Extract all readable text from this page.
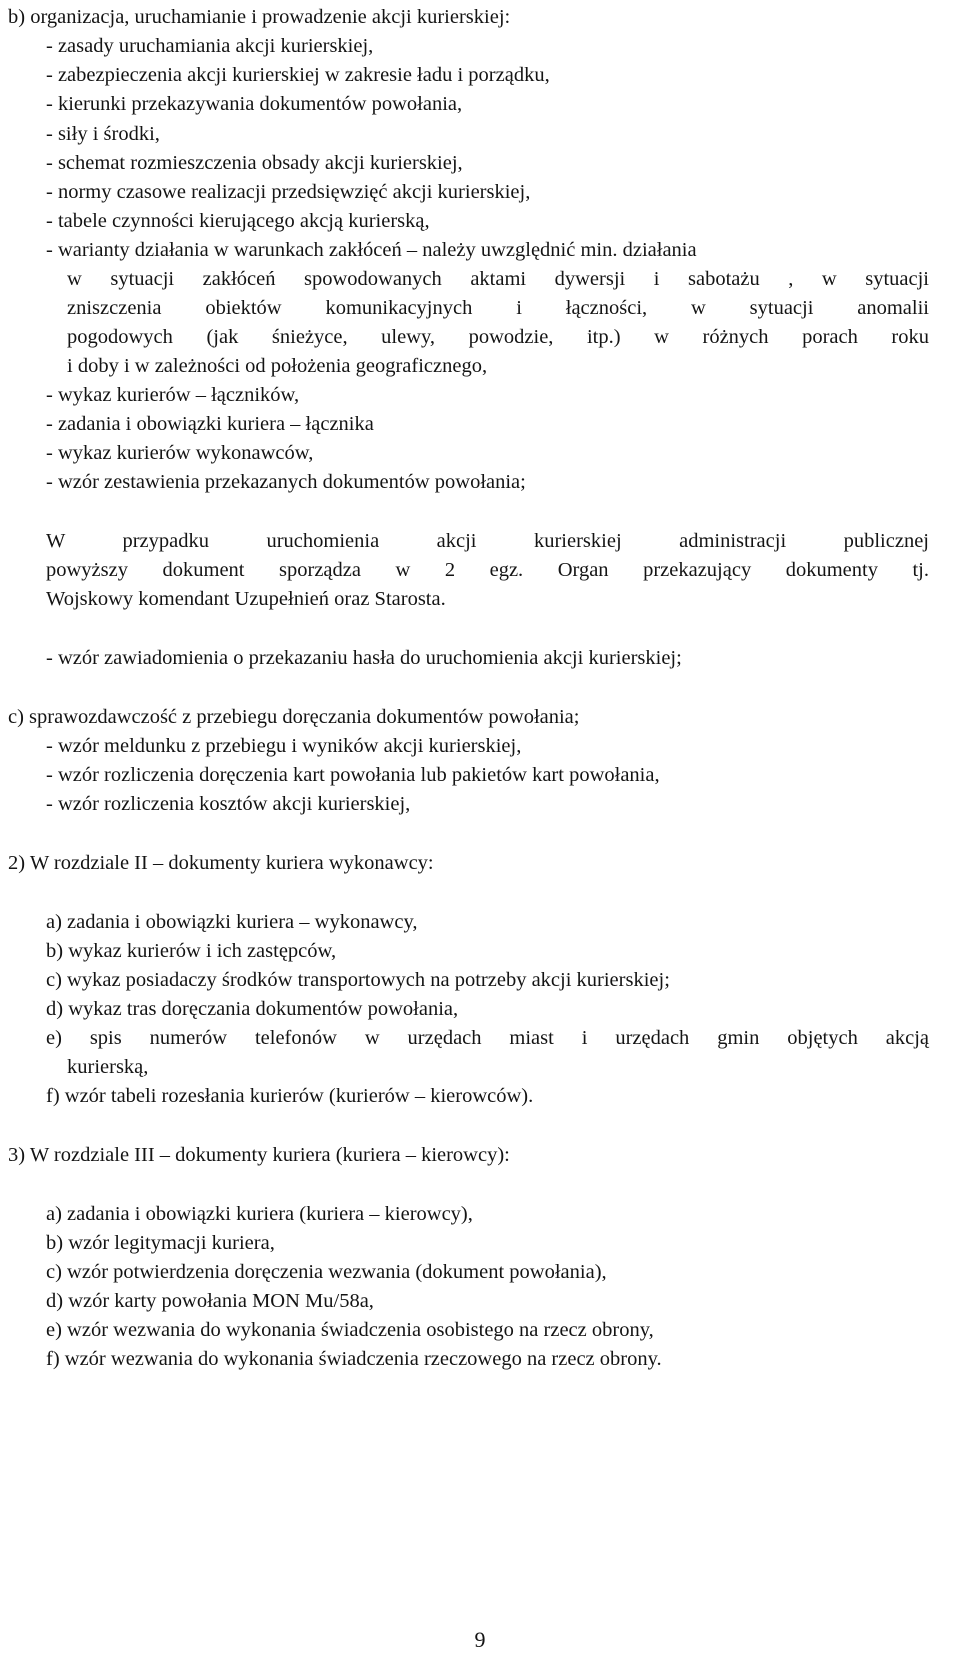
b) organizacja, uruchamianie i prowadzenie akcji kurierskiej:
- zasady uruchamiania akcji kurierskiej,
- zabezpieczenia akcji kurierskiej w zakresie ładu i porządku,
- kierunki przekazywania dokumentów powołania,
- siły i środki,
- schemat rozmieszczenia obsady akcji kurierskiej,
- normy czasowe realizacji przedsięwzięć akcji kurierskiej,
- tabele czynności kierującego akcją kurierską,
- warianty działania w warunkach zakłóceń – należy uwzględnić min. działania
w sytuacji zakłóceń spowodowanych aktami dywersji i sabotażu , w sytuacji
zniszczenia obiektów komunikacyjnych i łączności, w sytuacji anomalii
pogodowych (jak śnieżyce, ulewy, powodzie, itp.) w różnych porach roku
i doby i w zależności od położenia geograficznego,
- wykaz kurierów – łączników,
- zadania i obowiązki kuriera – łącznika
- wykaz kurierów wykonawców,
- wzór zestawienia przekazanych dokumentów powołania;
W przypadku uruchomienia akcji kurierskiej administracji publicznej
powyższy dokument sporządza w 2 egz. Organ przekazujący dokumenty tj.
Wojskowy komendant Uzupełnień oraz Starosta.
- wzór zawiadomienia o przekazaniu hasła do uruchomienia akcji kurierskiej;
c) sprawozdawczość z przebiegu doręczania dokumentów powołania;
- wzór meldunku z przebiegu i wyników akcji kurierskiej,
- wzór rozliczenia doręczenia kart powołania lub pakietów kart powołania,
- wzór rozliczenia kosztów akcji kurierskiej,
2) W rozdziale II – dokumenty kuriera wykonawcy:
a) zadania i obowiązki kuriera – wykonawcy,
b) wykaz kurierów i ich zastępców,
c) wykaz posiadaczy środków transportowych na potrzeby akcji kurierskiej;
d) wykaz tras doręczania dokumentów powołania,
e) spis numerów telefonów w urzędach miast i urzędach gmin objętych akcją
kurierską,
f) wzór tabeli rozesłania kurierów (kurierów – kierowców).
3) W rozdziale III – dokumenty kuriera (kuriera – kierowcy):
a) zadania i obowiązki kuriera (kuriera – kierowcy),
b) wzór legitymacji kuriera,
c) wzór potwierdzenia doręczenia wezwania (dokument powołania),
d) wzór karty powołania MON Mu/58a,
e) wzór wezwania do wykonania świadczenia osobistego na rzecz obrony,
f) wzór wezwania do wykonania świadczenia rzeczowego na rzecz obrony.
9
